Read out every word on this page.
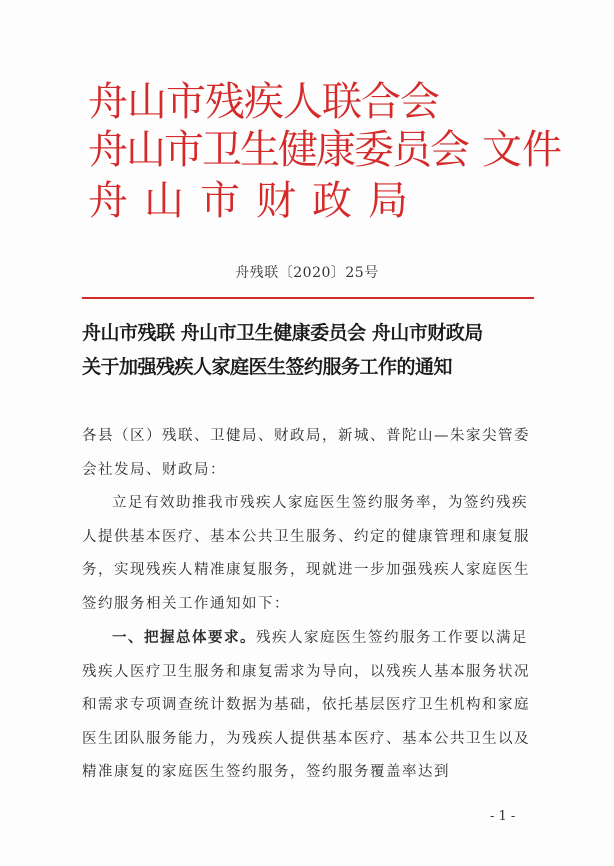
舟山市残疾人联合会
舟山市卫生健康委员会 文件
舟山市财政局
舟残联〔2020〕25号
舟山市残联 舟山市卫生健康委员会 舟山市财政局
关于加强残疾人家庭医生签约服务工作的通知

各县（区）残联、卫健局、财政局，新城、普陀山—朱家尖管委会社发局、财政局：

立足有效助推我市残疾人家庭医生签约服务率，为签约残疾人提供基本医疗、基本公共卫生服务、约定的健康管理和康复服务，实现残疾人精准康复服务，现就进一步加强残疾人家庭医生签约服务相关工作通知如下：

一、把握总体要求。残疾人家庭医生签约服务工作要以满足残疾人医疗卫生服务和康复需求为导向，以残疾人基本服务状况和需求专项调查统计数据为基础，依托基层医疗卫生机构和家庭医生团队服务能力，为残疾人提供基本医疗、基本公共卫生以及精准康复的家庭医生签约服务，签约服务覆盖率达到

- 1 -
